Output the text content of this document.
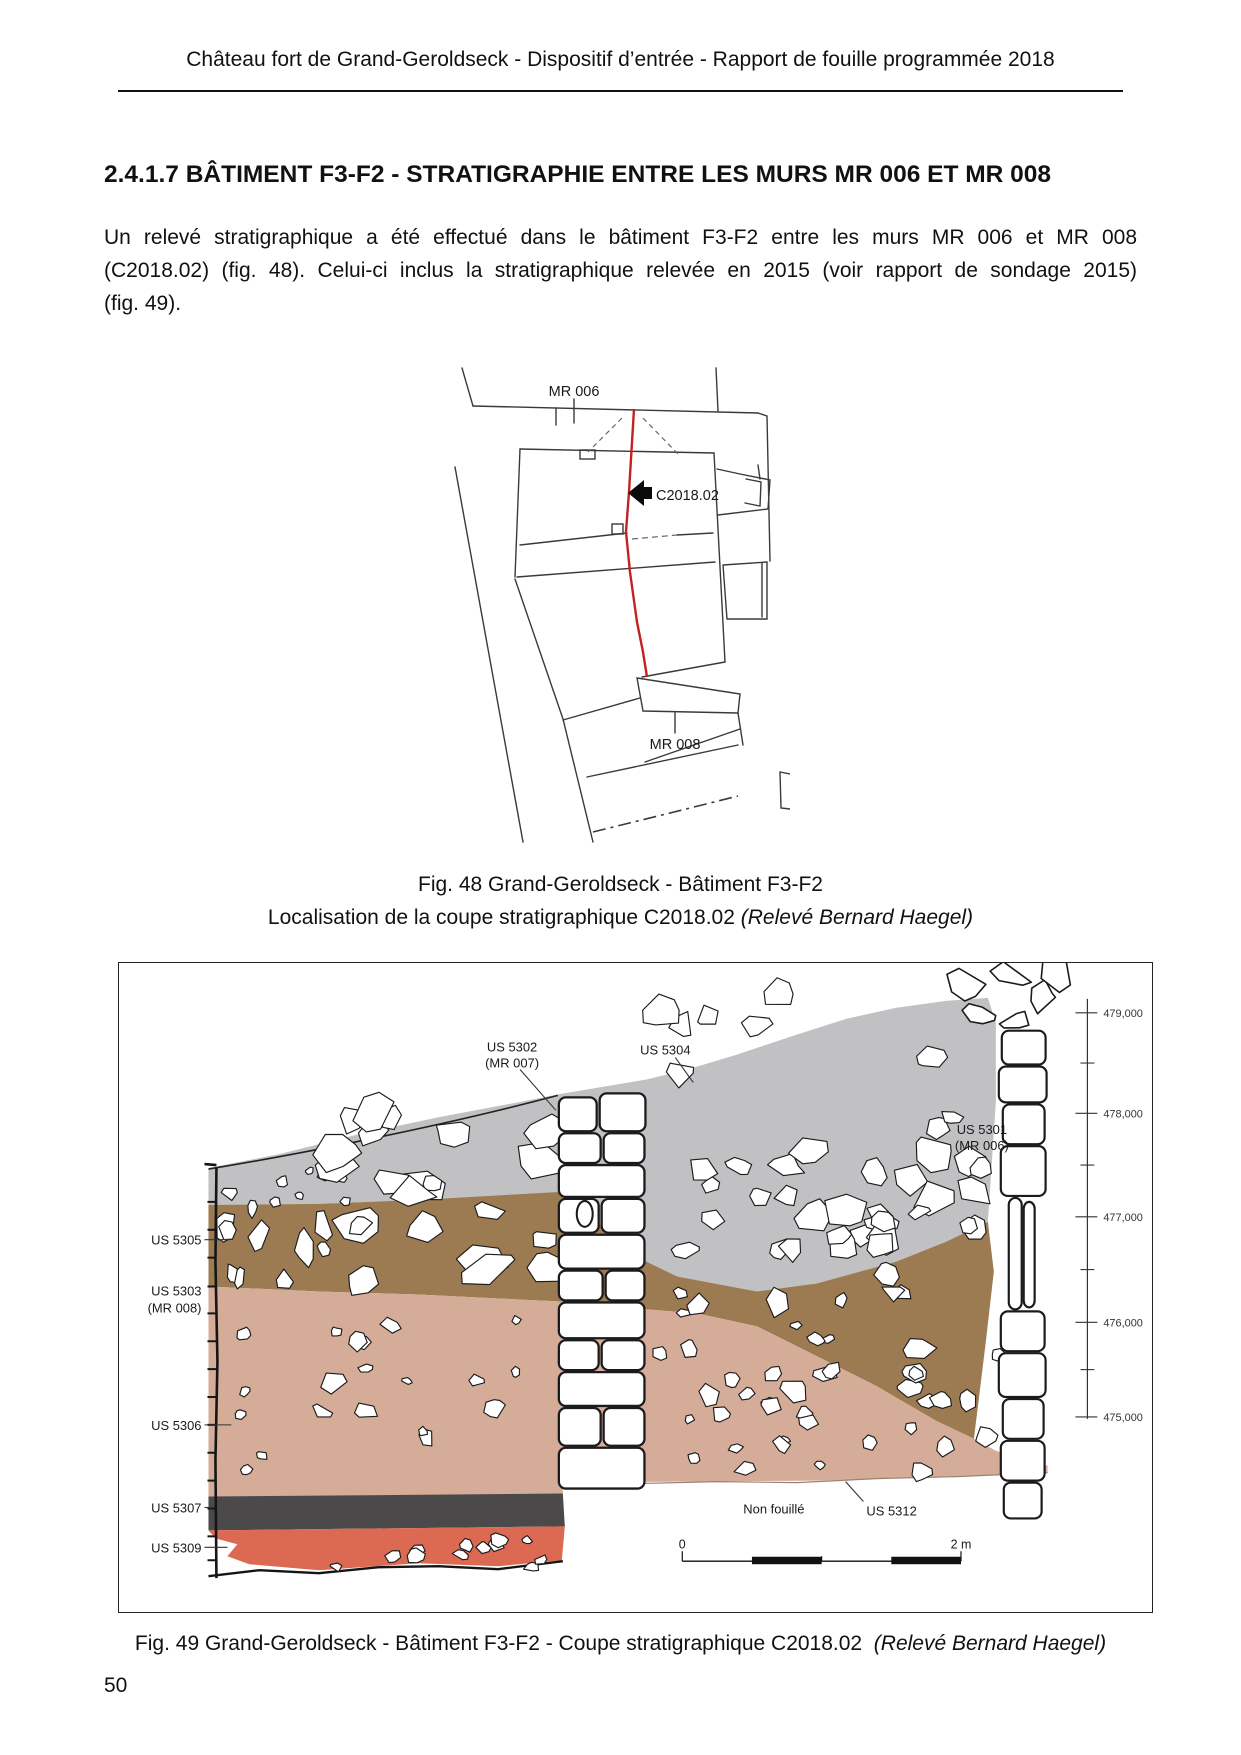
Château fort de Grand-Geroldseck - Dispositif d’entrée - Rapport de fouille programmée 2018
2.4.1.7 BÂTIMENT F3-F2 - STRATIGRAPHIE ENTRE LES MURS MR 006 ET MR 008
Un relevé stratigraphique a été effectué dans le bâtiment F3-F2 entre les murs MR 006 et MR 008
(C2018.02) (fig. 48). Celui-ci inclus la stratigraphique relevée en 2015 (voir rapport de sondage 2015)
(fig. 49).
MR 006
C2018.02
MR 008
Fig. 48 Grand-Geroldseck - Bâtiment F3-F2
Localisation de la coupe stratigraphique C2018.02 (Relevé Bernard Haegel)
US 5302
(MR 007)
US 5304
US 5301
(MR 006)
US 5305
US 5303
(MR 008)
US 5306
US 5307
US 5309
Non fouillé	US 5312
479,000
478,000
477,000
476,000
475,000
0	2 m
Fig. 49 Grand-Geroldseck - Bâtiment F3-F2 - Coupe stratigraphique C2018.02 (Relevé Bernard Haegel)
50
